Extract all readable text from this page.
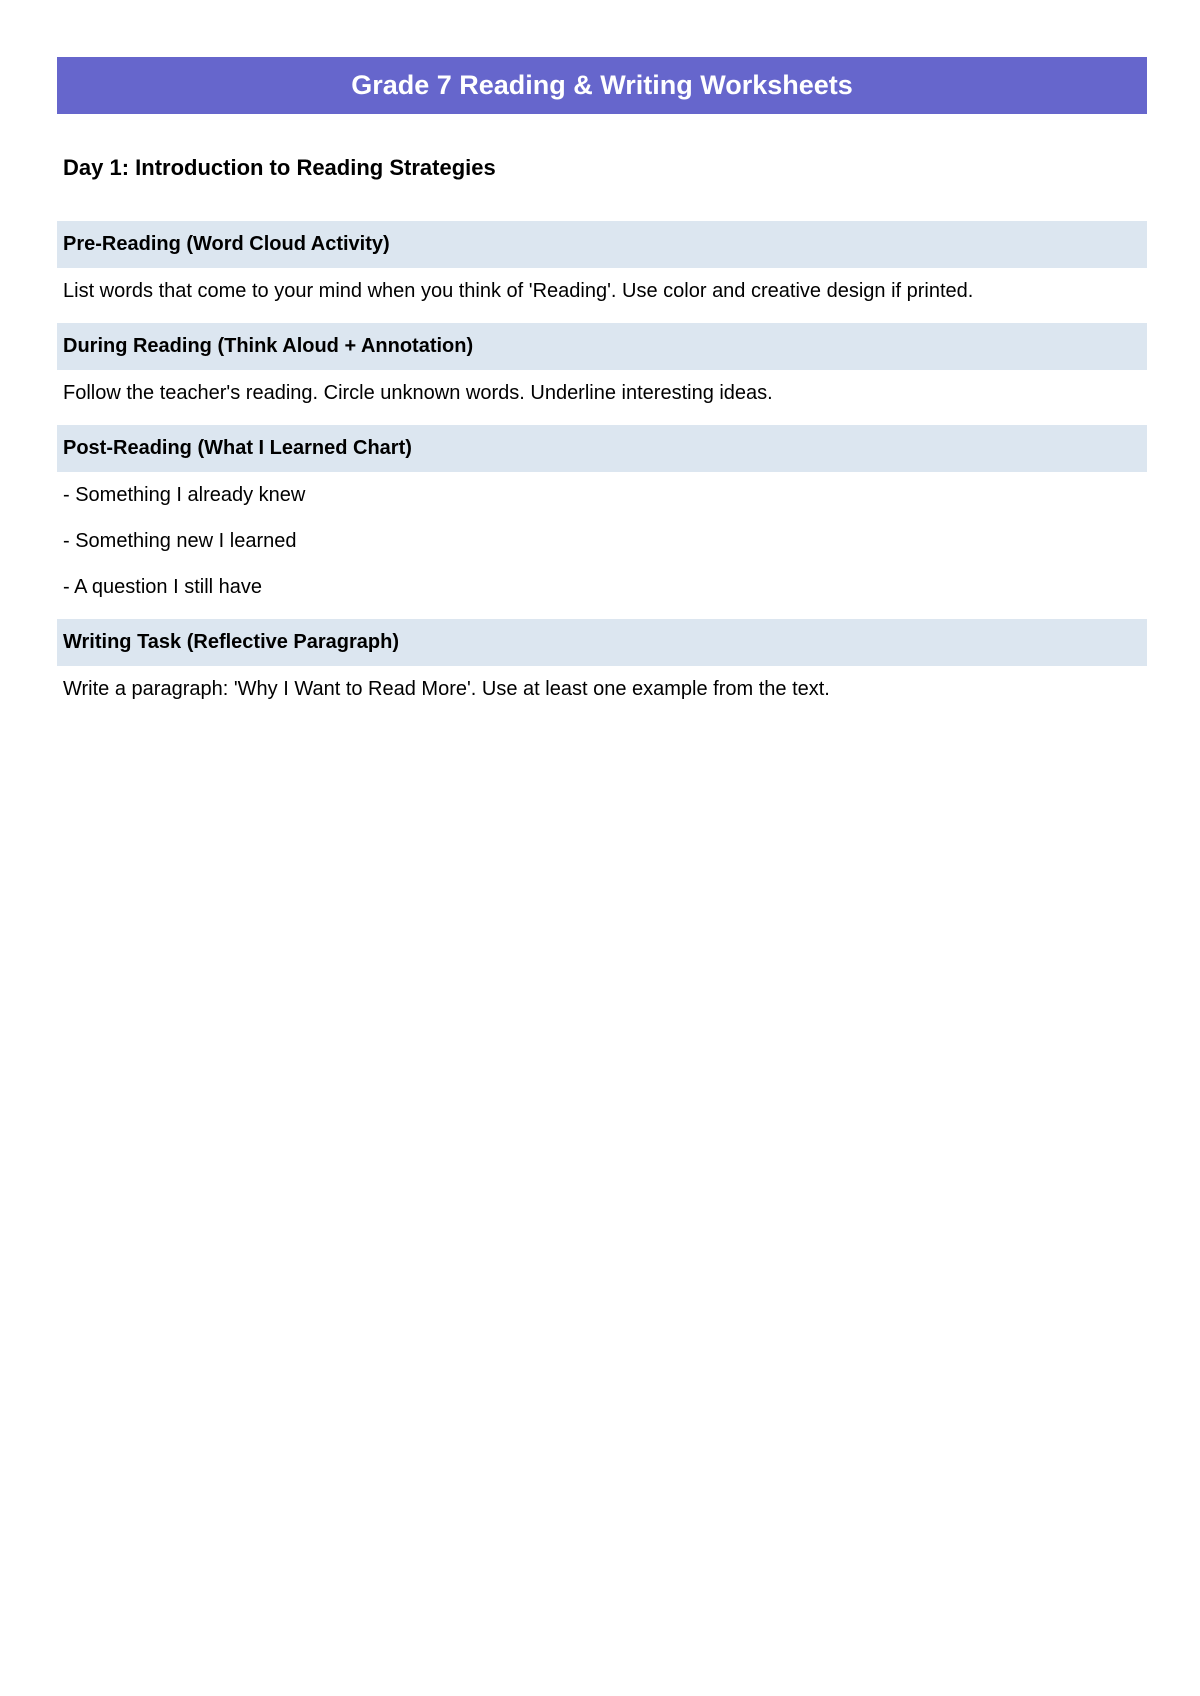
Grade 7 Reading & Writing Worksheets
Day 1: Introduction to Reading Strategies
Pre-Reading (Word Cloud Activity)
List words that come to your mind when you think of 'Reading'. Use color and creative design if printed.
During Reading (Think Aloud + Annotation)
Follow the teacher's reading. Circle unknown words. Underline interesting ideas.
Post-Reading (What I Learned Chart)
- Something I already knew
- Something new I learned
- A question I still have
Writing Task (Reflective Paragraph)
Write a paragraph: 'Why I Want to Read More'. Use at least one example from the text.
